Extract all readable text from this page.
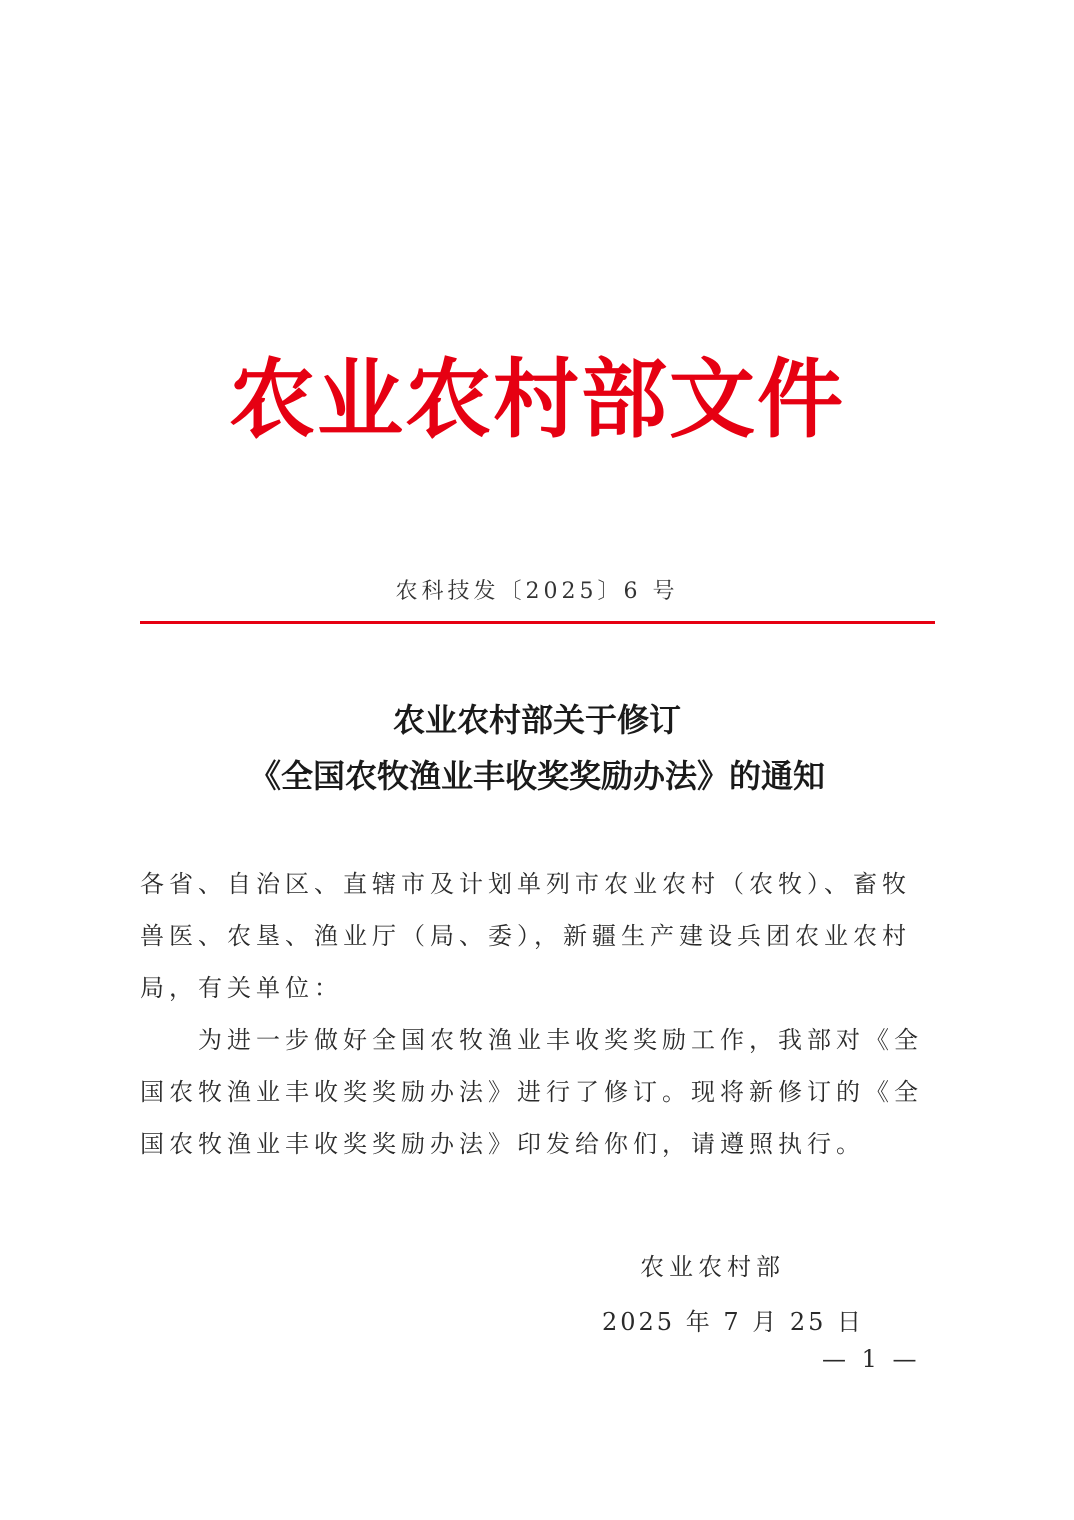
农业农村部文件
农科技发〔2025〕6 号
农业农村部关于修订
《全国农牧渔业丰收奖奖励办法》的通知

各省、自治区、直辖市及计划单列市农业农村（农牧）、畜牧兽医、农垦、渔业厅（局、委），新疆生产建设兵团农业农村局，有关单位：

为进一步做好全国农牧渔业丰收奖奖励工作，我部对《全国农牧渔业丰收奖奖励办法》进行了修订。现将新修订的《全国农牧渔业丰收奖奖励办法》印发给你们，请遵照执行。

农业农村部
2025 年 7 月 25 日
— 1 —
